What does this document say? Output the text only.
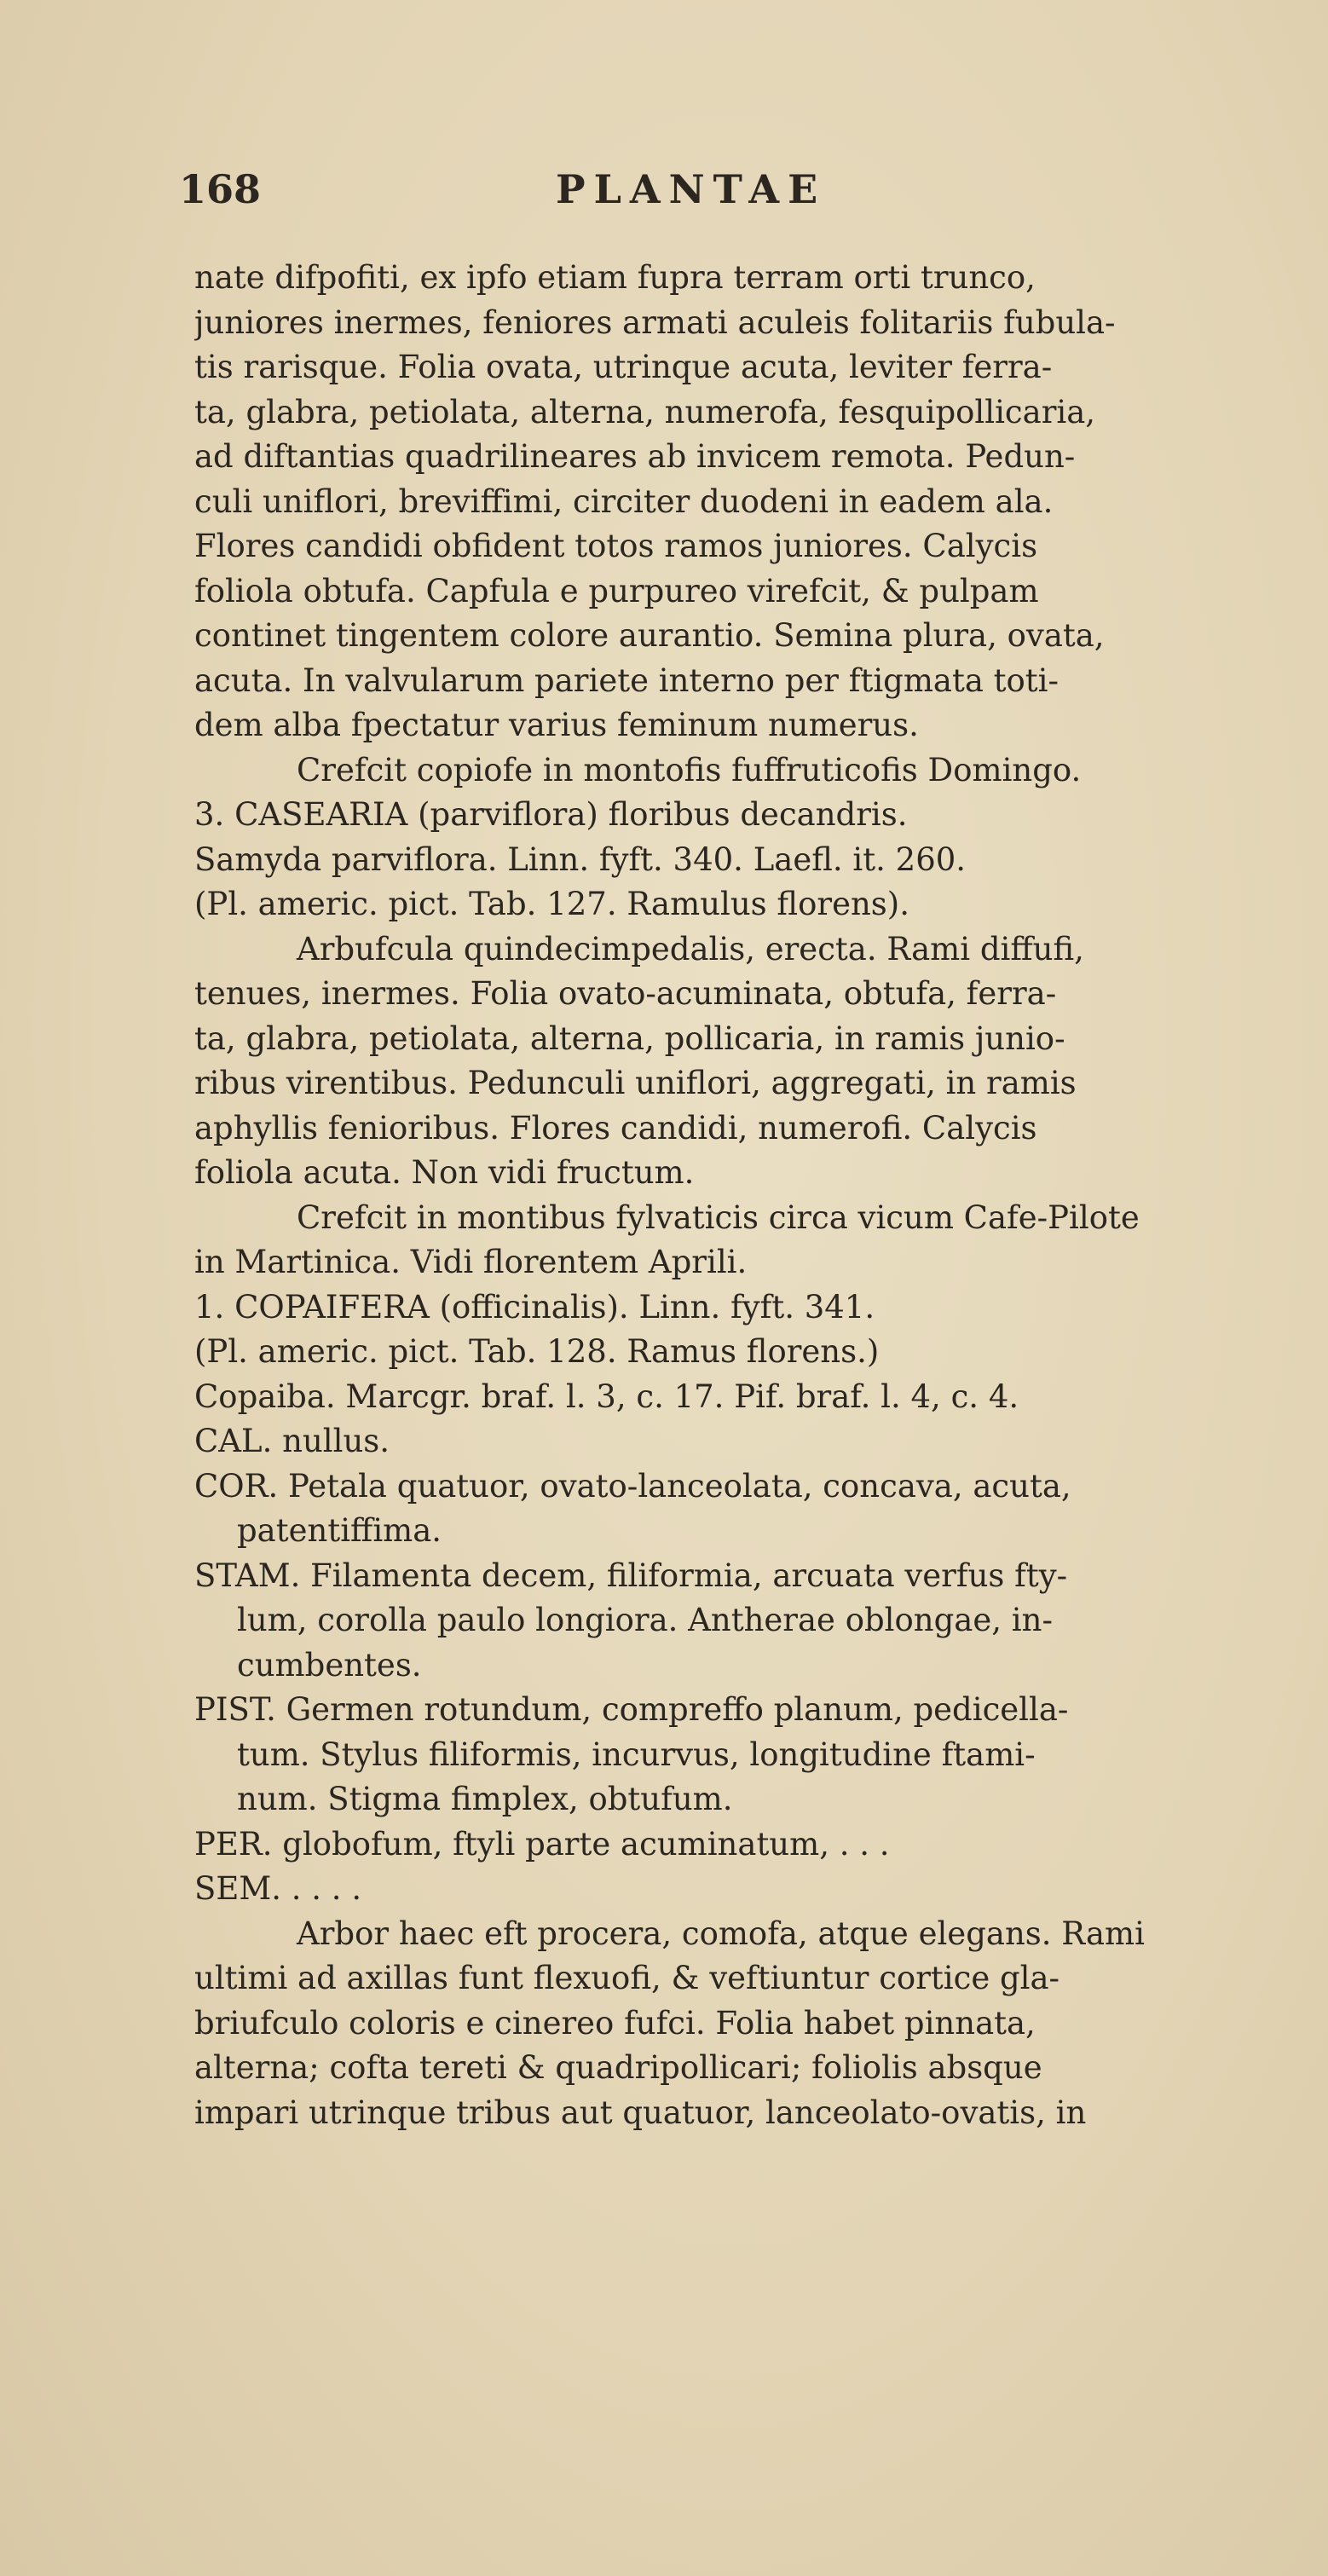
168	PLANTAE
nate difpofiti, ex ipfo etiam fupra terram orti trunco,
juniores inermes, feniores armati aculeis folitariis fubula-
tis rarisque. Folia ovata, utrinque acuta, leviter ferra-
ta, glabra, petiolata, alterna, numerofa, fesquipollicaria,
ad diftantias quadrilineares ab invicem remota. Pedun-
culi uniflori, breviffimi, circiter duodeni in eadem ala.
Flores candidi obfident totos ramos juniores. Calycis
foliola obtufa. Capfula e purpureo virefcit, & pulpam
continet tingentem colore aurantio. Semina plura, ovata,
acuta. In valvularum pariete interno per ftigmata toti-
dem alba fpectatur varius feminum numerus.
Crefcit copiofe in montofis fuffruticofis Domingo.
3. CASEARIA (parviflora) floribus decandris.
Samyda parviflora. Linn. fyft. 340. Laefl. it. 260.
(Pl. americ. pict. Tab. 127. Ramulus florens).
Arbufcula quindecimpedalis, erecta. Rami diffufi,
tenues, inermes. Folia ovato-acuminata, obtufa, ferra-
ta, glabra, petiolata, alterna, pollicaria, in ramis junio-
ribus virentibus. Pedunculi uniflori, aggregati, in ramis
aphyllis fenioribus. Flores candidi, numerofi. Calycis
foliola acuta. Non vidi fructum.
Crefcit in montibus fylvaticis circa vicum Cafe-Pilote
in Martinica. Vidi florentem Aprili.
1. COPAIFERA (officinalis). Linn. fyft. 341.
(Pl. americ. pict. Tab. 128. Ramus florens.)
Copaiba. Marcgr. braf. l. 3, c. 17. Pif. braf. l. 4, c. 4.
CAL. nullus.
COR. Petala quatuor, ovato-lanceolata, concava, acuta,
patentiffima.
STAM. Filamenta decem, filiformia, arcuata verfus fty-
lum, corolla paulo longiora. Antherae oblongae, in-
cumbentes.
PIST. Germen rotundum, compreffo planum, pedicella-
tum. Stylus filiformis, incurvus, longitudine ftami-
num. Stigma fimplex, obtufum.
PER. globofum, ftyli parte acuminatum, . . .
SEM. . . . .
Arbor haec eft procera, comofa, atque elegans. Rami
ultimi ad axillas funt flexuofi, & veftiuntur cortice gla-
briufculo coloris e cinereo fufci. Folia habet pinnata,
alterna; cofta tereti & quadripollicari; foliolis absque
impari utrinque tribus aut quatuor, lanceolato-ovatis, in
